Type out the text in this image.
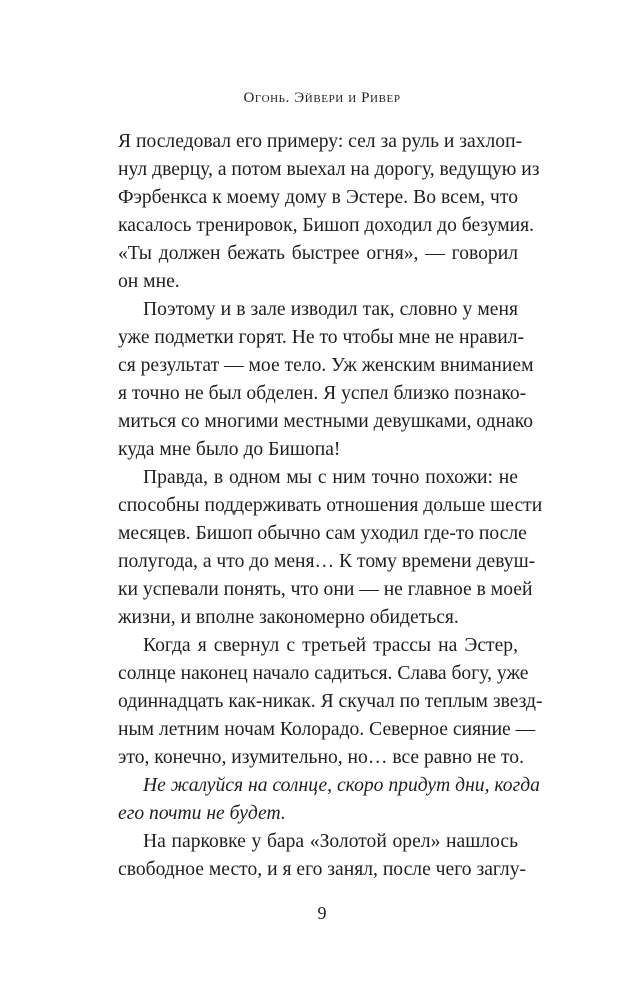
Огонь. Эйвери и Ривер
Я последовал его примеру: сел за руль и захлоп-
нул дверцу, а потом выехал на дорогу, ведущую из
Фэрбенкса к моему дому в Эстере. Во всем, что
касалось тренировок, Бишоп доходил до безумия.
«Ты должен бежать быстрее огня», — говорил
он мне.
Поэтому и в зале изводил так, словно у меня
уже подметки горят. Не то чтобы мне не нравил-
ся результат — мое тело. Уж женским вниманием
я точно не был обделен. Я успел близко познако-
миться со многими местными девушками, однако
куда мне было до Бишопа!
Правда, в одном мы с ним точно похожи: не
способны поддерживать отношения дольше шести
месяцев. Бишоп обычно сам уходил где-то после
полугода, а что до меня… К тому времени девуш-
ки успевали понять, что они — не главное в моей
жизни, и вполне закономерно обидеться.
Когда я свернул с третьей трассы на Эстер,
солнце наконец начало садиться. Слава богу, уже
одиннадцать как-никак. Я скучал по теплым звезд-
ным летним ночам Колорадо. Северное сияние —
это, конечно, изумительно, но… все равно не то.
Не жалуйся на солнце, скоро придут дни, когда
его почти не будет.
На парковке у бара «Золотой орел» нашлось
свободное место, и я его занял, после чего заглу-
9
